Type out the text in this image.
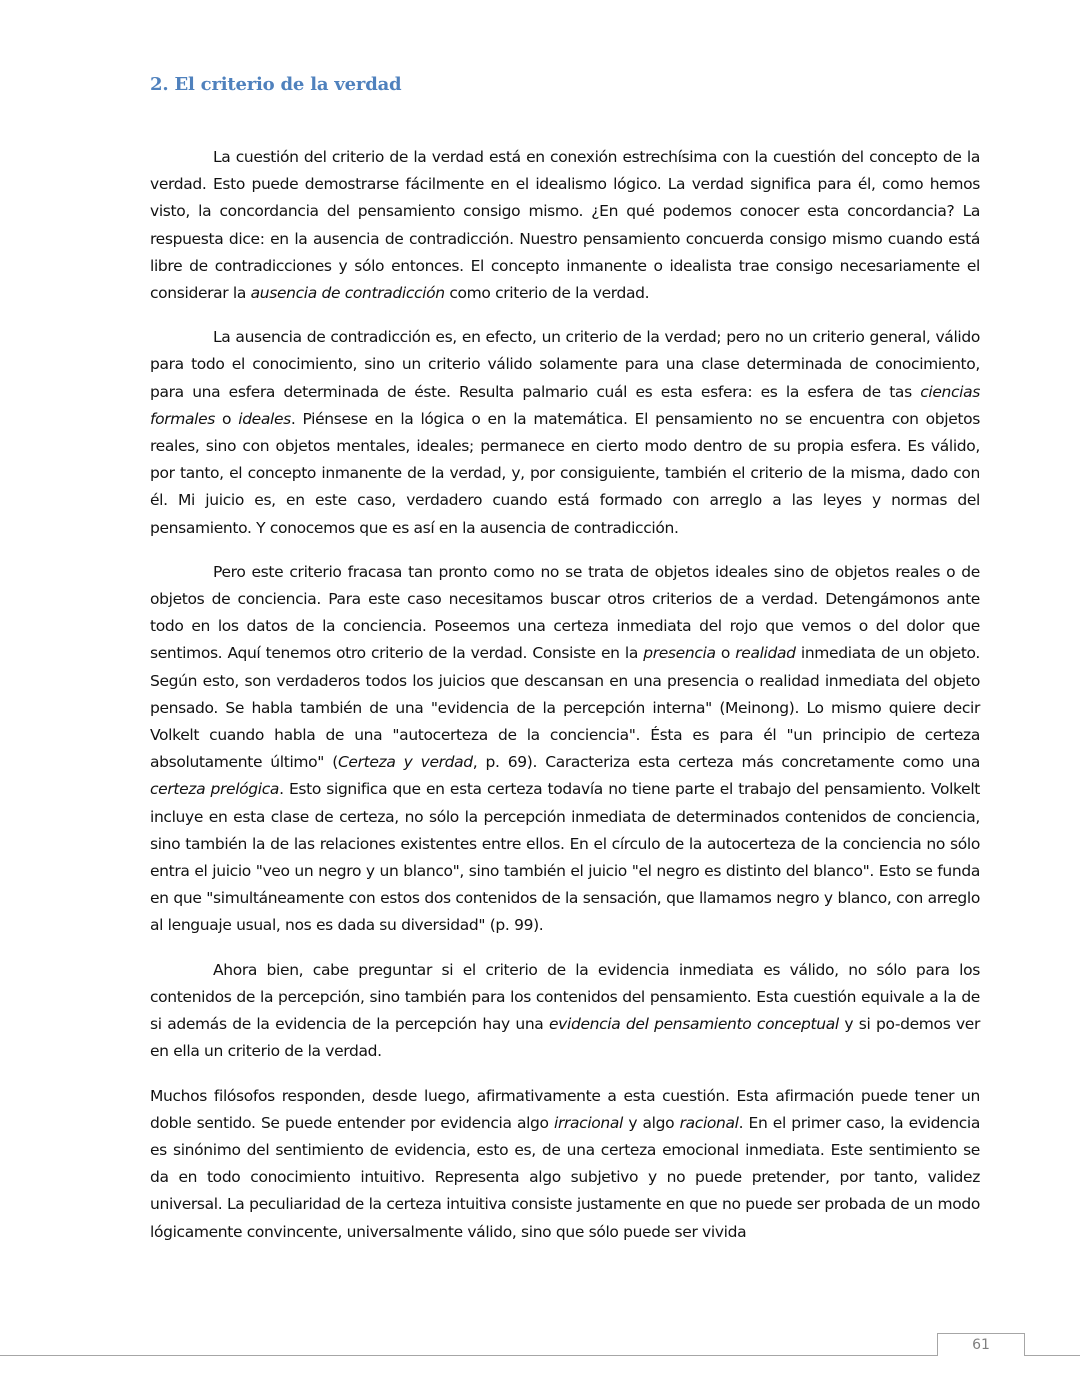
2. El criterio de la verdad

La cuestión del criterio de la verdad está en conexión estrechísima con la cuestión del concepto de la verdad. Esto puede demostrarse fácilmente en el idealismo lógico. La verdad significa para él, como hemos visto, la concordancia del pensamiento consigo mismo. ¿En qué podemos conocer esta concordancia? La respuesta dice: en la ausencia de contradicción. Nuestro pensamiento concuerda consigo mismo cuando está libre de contradicciones y sólo entonces. El concepto inmanente o idealista trae consigo necesariamente el considerar la ausencia de contradicción como criterio de la verdad.

La ausencia de contradicción es, en efecto, un criterio de la verdad; pero no un criterio general, válido para todo el conocimiento, sino un criterio válido solamente para una clase determinada de conocimiento, para una esfera determinada de éste. Resulta palmario cuál es esta esfera: es la esfera de tas ciencias formales o ideales. Piénsese en la lógica o en la matemática. El pensamiento no se encuentra con objetos reales, sino con objetos mentales, ideales; permanece en cierto modo dentro de su propia esfera. Es válido, por tanto, el concepto inmanente de la verdad, y, por consiguiente, también el criterio de la misma, dado con él. Mi juicio es, en este caso, verdadero cuando está formado con arreglo a las leyes y normas del pensamiento. Y conocemos que es así en la ausencia de contradicción.

Pero este criterio fracasa tan pronto como no se trata de objetos ideales sino de objetos reales o de objetos de conciencia. Para este caso necesitamos buscar otros criterios de a verdad. Detengámonos ante todo en los datos de la conciencia. Poseemos una certeza inmediata del rojo que vemos o del dolor que sentimos. Aquí tenemos otro criterio de la verdad. Consiste en la presencia o realidad inmediata de un objeto. Según esto, son verdaderos todos los juicios que descansan en una presencia o realidad inmediata del objeto pensado. Se habla también de una "evidencia de la percepción interna" (Meinong). Lo mismo quiere decir Volkelt cuando habla de una "autocerteza de la conciencia". Ésta es para él "un principio de certeza absolutamente último" (Certeza y verdad, p. 69). Caracteriza esta certeza más concretamente como una certeza prelógica. Esto significa que en esta certeza todavía no tiene parte el trabajo del pensamiento. Volkelt incluye en esta clase de certeza, no sólo la percepción inmediata de determinados contenidos de conciencia, sino también la de las relaciones existentes entre ellos. En el círculo de la autocerteza de la conciencia no sólo entra el juicio "veo un negro y un blanco", sino también el juicio "el negro es distinto del blanco". Esto se funda en que "simultáneamente con estos dos contenidos de la sensación, que llamamos negro y blanco, con arreglo al lenguaje usual, nos es dada su diversidad" (p. 99).

Ahora bien, cabe preguntar si el criterio de la evidencia inmediata es válido, no sólo para los contenidos de la percepción, sino también para los contenidos del pensamiento. Esta cuestión equivale a la de si además de la evidencia de la percepción hay una evidencia del pensamiento conceptual y si po-demos ver en ella un criterio de la verdad.

Muchos filósofos responden, desde luego, afirmativamente a esta cuestión. Esta afirmación puede tener un doble sentido. Se puede entender por evidencia algo irracional y algo racional. En el primer caso, la evidencia es sinónimo del sentimiento de evidencia, esto es, de una certeza emocional inmediata. Este sentimiento se da en todo conocimiento intuitivo. Representa algo subjetivo y no puede pretender, por tanto, validez universal. La peculiaridad de la certeza intuitiva consiste justamente en que no puede ser probada de un modo lógicamente convincente, universalmente válido, sino que sólo puede ser vivida

61
